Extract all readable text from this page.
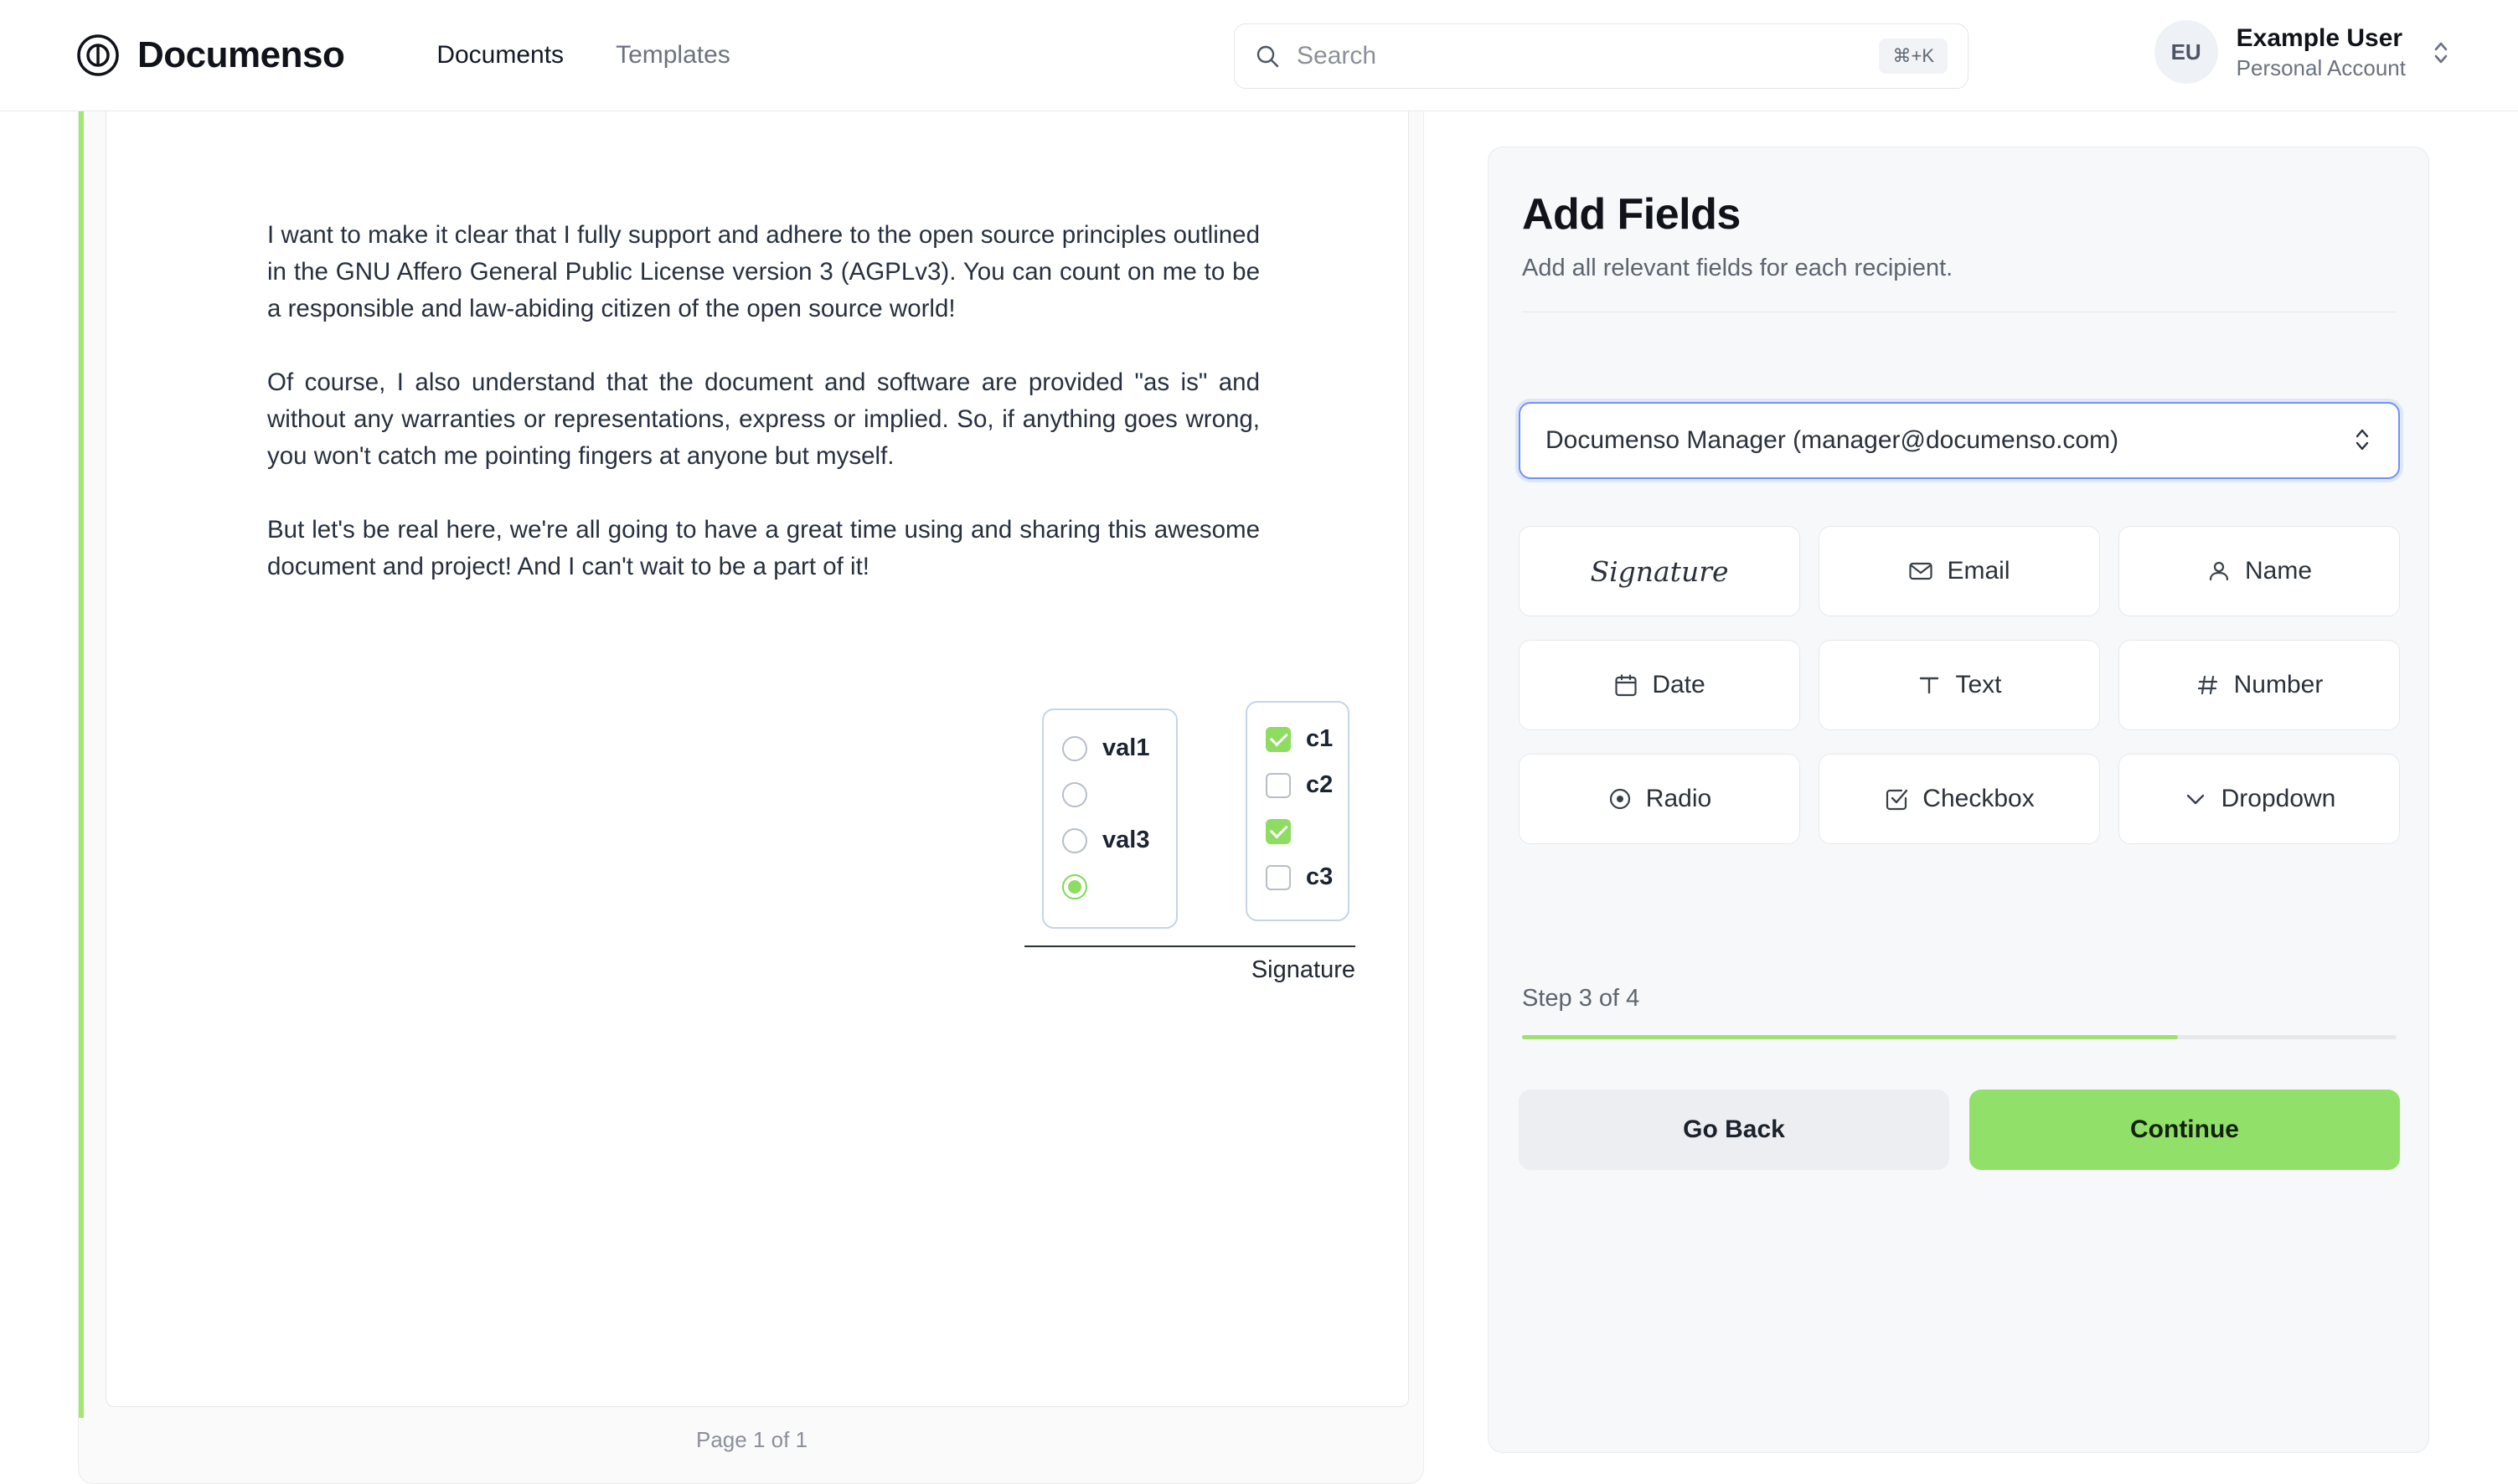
Documenso	Documents Templates	Search	⌘+K	EU	Example User
Personal Account

I want to make it clear that I fully support and adhere to the open source principles outlined in the GNU Affero General Public License version 3 (AGPLv3). You can count on me to be a responsible and law-abiding citizen of the open source world!

Of course, I also understand that the document and software are provided "as is" and without any warranties or representations, express or implied. So, if anything goes wrong, you won't catch me pointing fingers at anyone but myself.

But let's be real here, we're all going to have a great time using and sharing this awesome document and project! And I can't wait to be a part of it!

val1
val3
c1
c2
c3
Signature
Page 1 of 1
Add Fields
Add all relevant fields for each recipient.
Documenso Manager (manager@documenso.com)
Signature	Email	Name
Date	Text	Number
Radio	Checkbox	Dropdown
Step 3 of 4
Go Back	Continue
